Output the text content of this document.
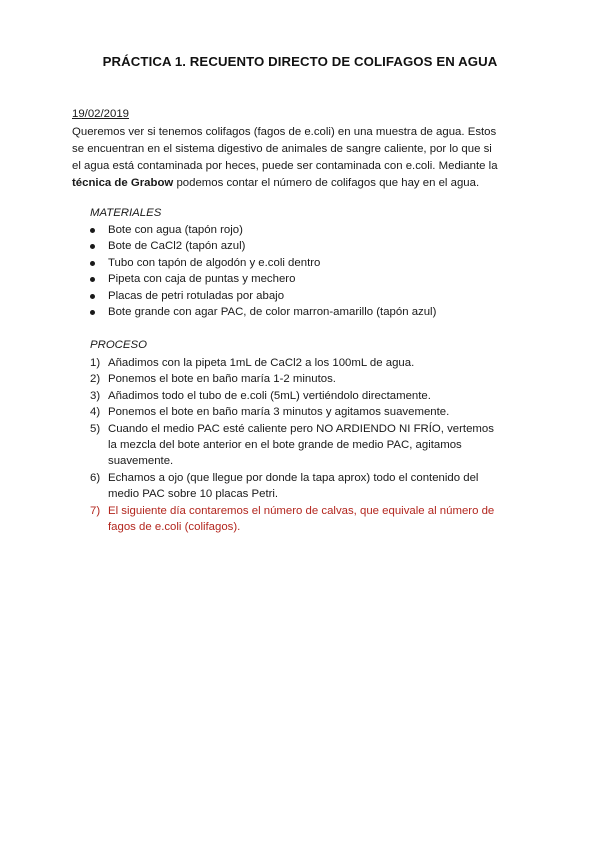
PRÁCTICA 1. RECUENTO DIRECTO DE COLIFAGOS EN AGUA
19/02/2019
Queremos ver si tenemos colifagos (fagos de e.coli) en una muestra de agua. Estos
se encuentran en el sistema digestivo de animales de sangre caliente, por lo que si
el agua está contaminada por heces, puede ser contaminada con e.coli. Mediante la
técnica de Grabow podemos contar el número de colifagos que hay en el agua.
MATERIALES
Bote con agua (tapón rojo)
Bote de CaCl2 (tapón azul)
Tubo con tapón de algodón y e.coli dentro
Pipeta con caja de puntas y mechero
Placas de petri rotuladas por abajo
Bote grande con agar PAC, de color marron-amarillo (tapón azul)
PROCESO
1) Añadimos con la pipeta 1mL de CaCl2 a los 100mL de agua.
2) Ponemos el bote en baño maría 1-2 minutos.
3) Añadimos todo el tubo de e.coli (5mL) vertiéndolo directamente.
4) Ponemos el bote en baño maría 3 minutos y agitamos suavemente.
5) Cuando el medio PAC esté caliente pero NO ARDIENDO NI FRÍO, vertemos
la mezcla del bote anterior en el bote grande de medio PAC, agitamos
suavemente.
6) Echamos a ojo (que llegue por donde la tapa aprox) todo el contenido del
medio PAC sobre 10 placas Petri.
7) El siguiente día contaremos el número de calvas, que equivale al número de
fagos de e.coli (colifagos).
